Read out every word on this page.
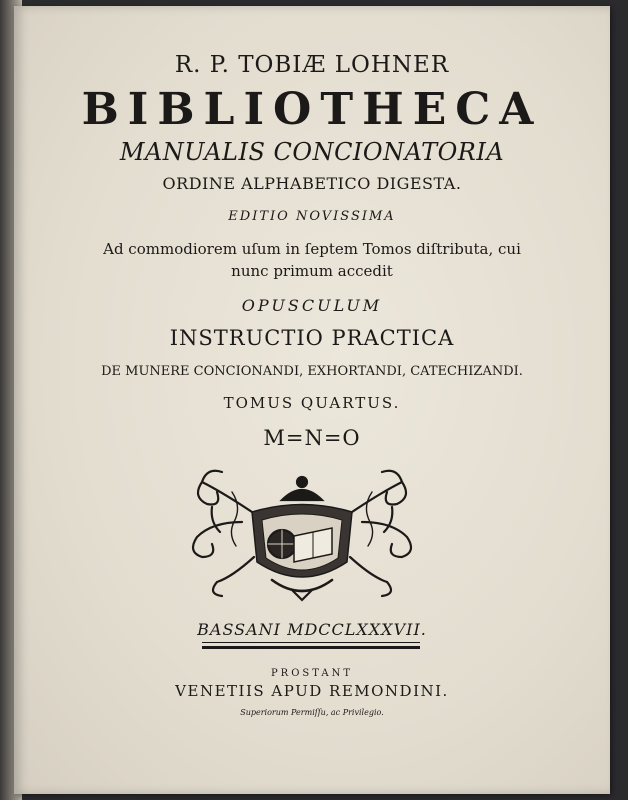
R. P. TOBIÆ LOHNER
BIBLIOTHECA
MANUALIS CONCIONATORIA
ORDINE ALPHABETICO DIGESTA.
EDITIO NOVISSIMA
Ad commodiorem uſum in ſeptem Tomos diſtributa, cui
nunc primum accedit
OPUSCULUM
INSTRUCTIO PRACTICA
DE MUNERE CONCIONANDI, EXHORTANDI, CATECHIZANDI.
TOMUS QUARTUS.
M=N=O
BASSANI MDCCLXXXVII.
PROSTANT
VENETIIS APUD REMONDINI.
Superiorum Permiſſu, ac Privilegio.
